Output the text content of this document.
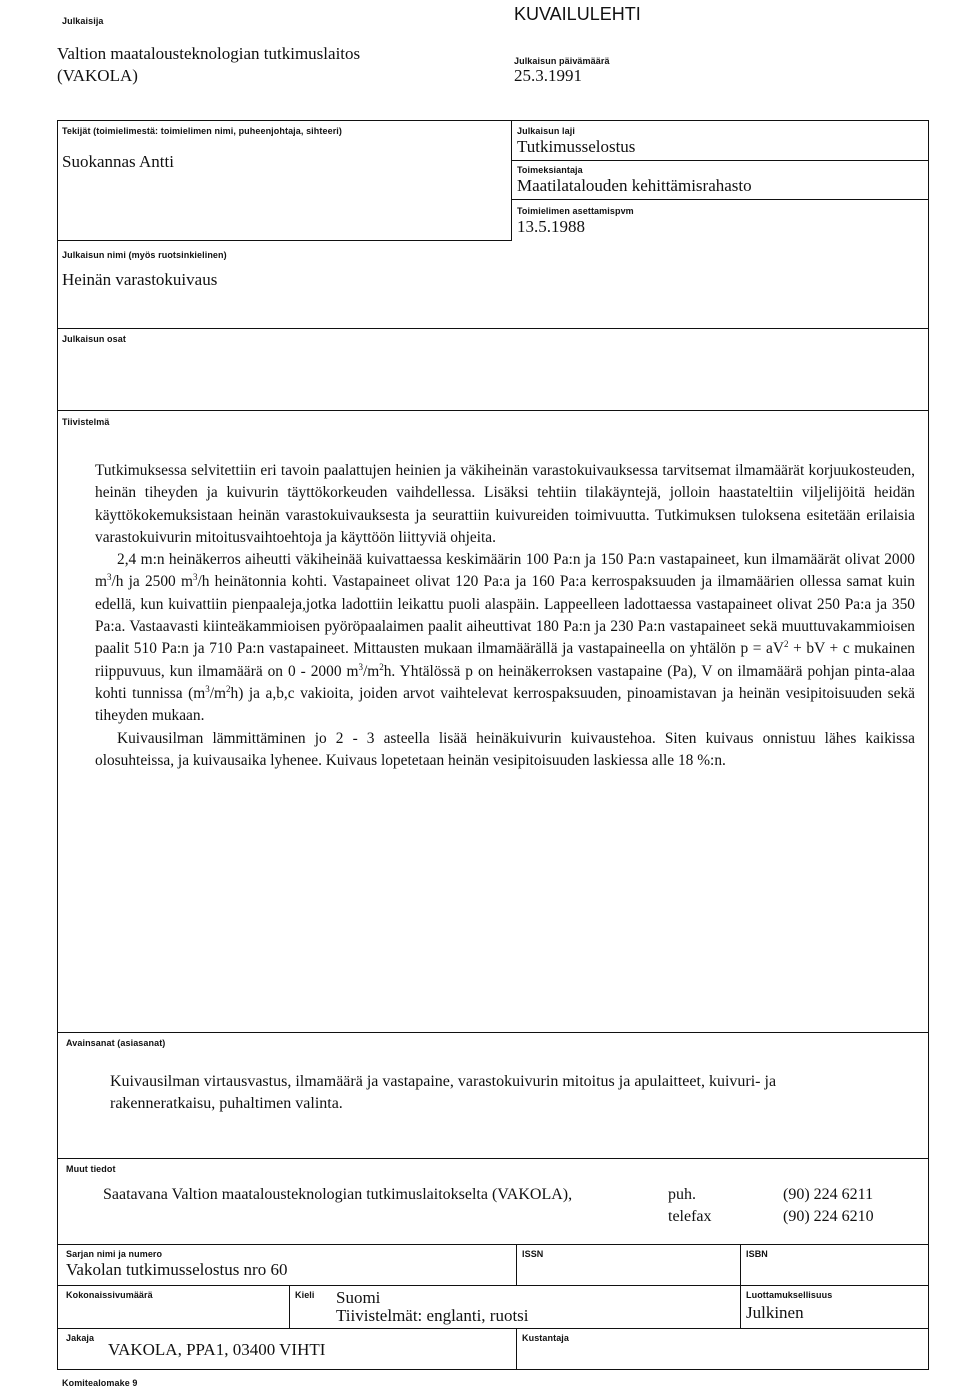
Julkaisija	KUVAILULEHTI
Valtion maatalousteknologian tutkimuslaitos
(VAKOLA)
Julkaisun päivämäärä
25.3.1991
Tekijät (toimielimestä: toimielimen nimi, puheenjohtaja, sihteeri)
Suokannas Antti
Julkaisun laji
Tutkimusselostus
Toimeksiantaja
Maatilatalouden kehittämisrahasto
Toimielimen asettamispvm
13.5.1988
Julkaisun nimi (myös ruotsinkielinen)
Heinän varastokuivaus
Julkaisun osat
Tiivistelmä

Tutkimuksessa selvitettiin eri tavoin paalattujen heinien ja väkiheinän varastokuivauksessa tarvitsemat ilmamäärät korjuukosteuden, heinän tiheyden ja kuivurin täyttökorkeuden vaihdellessa. Lisäksi tehtiin tilakäyntejä, jolloin haastateltiin viljelijöitä heidän käyttökokemuksistaan heinän varastokuivauksesta ja seurattiin kuivureiden toimivuutta. Tutkimuksen tuloksena esitetään erilaisia varastokuivurin mitoitusvaihtoehtoja ja käyttöön liittyviä ohjeita.

2,4 m:n heinäkerros aiheutti väkiheinää kuivattaessa keskimäärin 100 Pa:n ja 150 Pa:n vastapaineet, kun ilmamäärät olivat 2000 $m^3/h$ ja 2500 $m^3/h$ heinätonnia kohti. Vastapaineet olivat 120 Pa:a ja 160 Pa:a kerrospaksuuden ja ilmamäärien ollessa samat kuin edellä, kun kuivattiin pienpaaleja,jotka ladottiin leikattu puoli alaspäin. Lappeelleen ladottaessa vastapaineet olivat 250 Pa:a ja 350 Pa:a. Vastaavasti kiinteäkammioisen pyöröpaalaimen paalit aiheuttivat 180 Pa:n ja 230 Pa:n vastapaineet sekä muuttuvakammioisen paalit 510 Pa:n ja 710 Pa:n vastapaineet. Mittausten mukaan ilmamäärällä ja vastapaineella on yhtälön $p = aV^2$ + bV + c mukainen riippuvuus, kun ilmamäärä on 0 - 2000 $m^3/m^2h$. Yhtälössä p on heinäkerroksen vastapaine (Pa), V on ilmamäärä pohjan pinta-alaa kohti tunnissa $(m^3/m^2h)$ ja a,b,c vakioita, joiden arvot vaihtelevat kerrospaksuuden, pinoamistavan ja heinän vesipitoisuuden sekä tiheyden mukaan.

Kuivausilman lämmittäminen jo 2 - 3 asteella lisää heinäkuivurin kuivaustehoa. Siten kuivaus onnistuu lähes kaikissa olosuhteissa, ja kuivausaika lyhenee. Kuivaus lopetetaan heinän vesipitoisuuden laskiessa alle 18 %:n.

Avainsanat (asiasanat)
Kuivausilman virtausvastus, ilmamäärä ja vastapaine, varastokuivurin mitoitus ja apulaitteet, kuivuri- ja rakenneratkaisu, puhaltimen valinta.
Muut tiedot
Saatavana Valtion maatalousteknologian tutkimuslaitokselta (VAKOLA),	puh.	(90) 224 6211
telefax	(90) 224 6210
Sarjan nimi ja numero
Vakolan tutkimusselostus nro 60
ISSN	ISBN
Kokonaissivumäärä	Kieli Suomi
Tiivistelmät: englanti, ruotsi
Luottamuksellisuus
Julkinen
Jakaja
VAKOLA, PPA1, 03400 VIHTI
Kustantaja
Komitealomake 9
